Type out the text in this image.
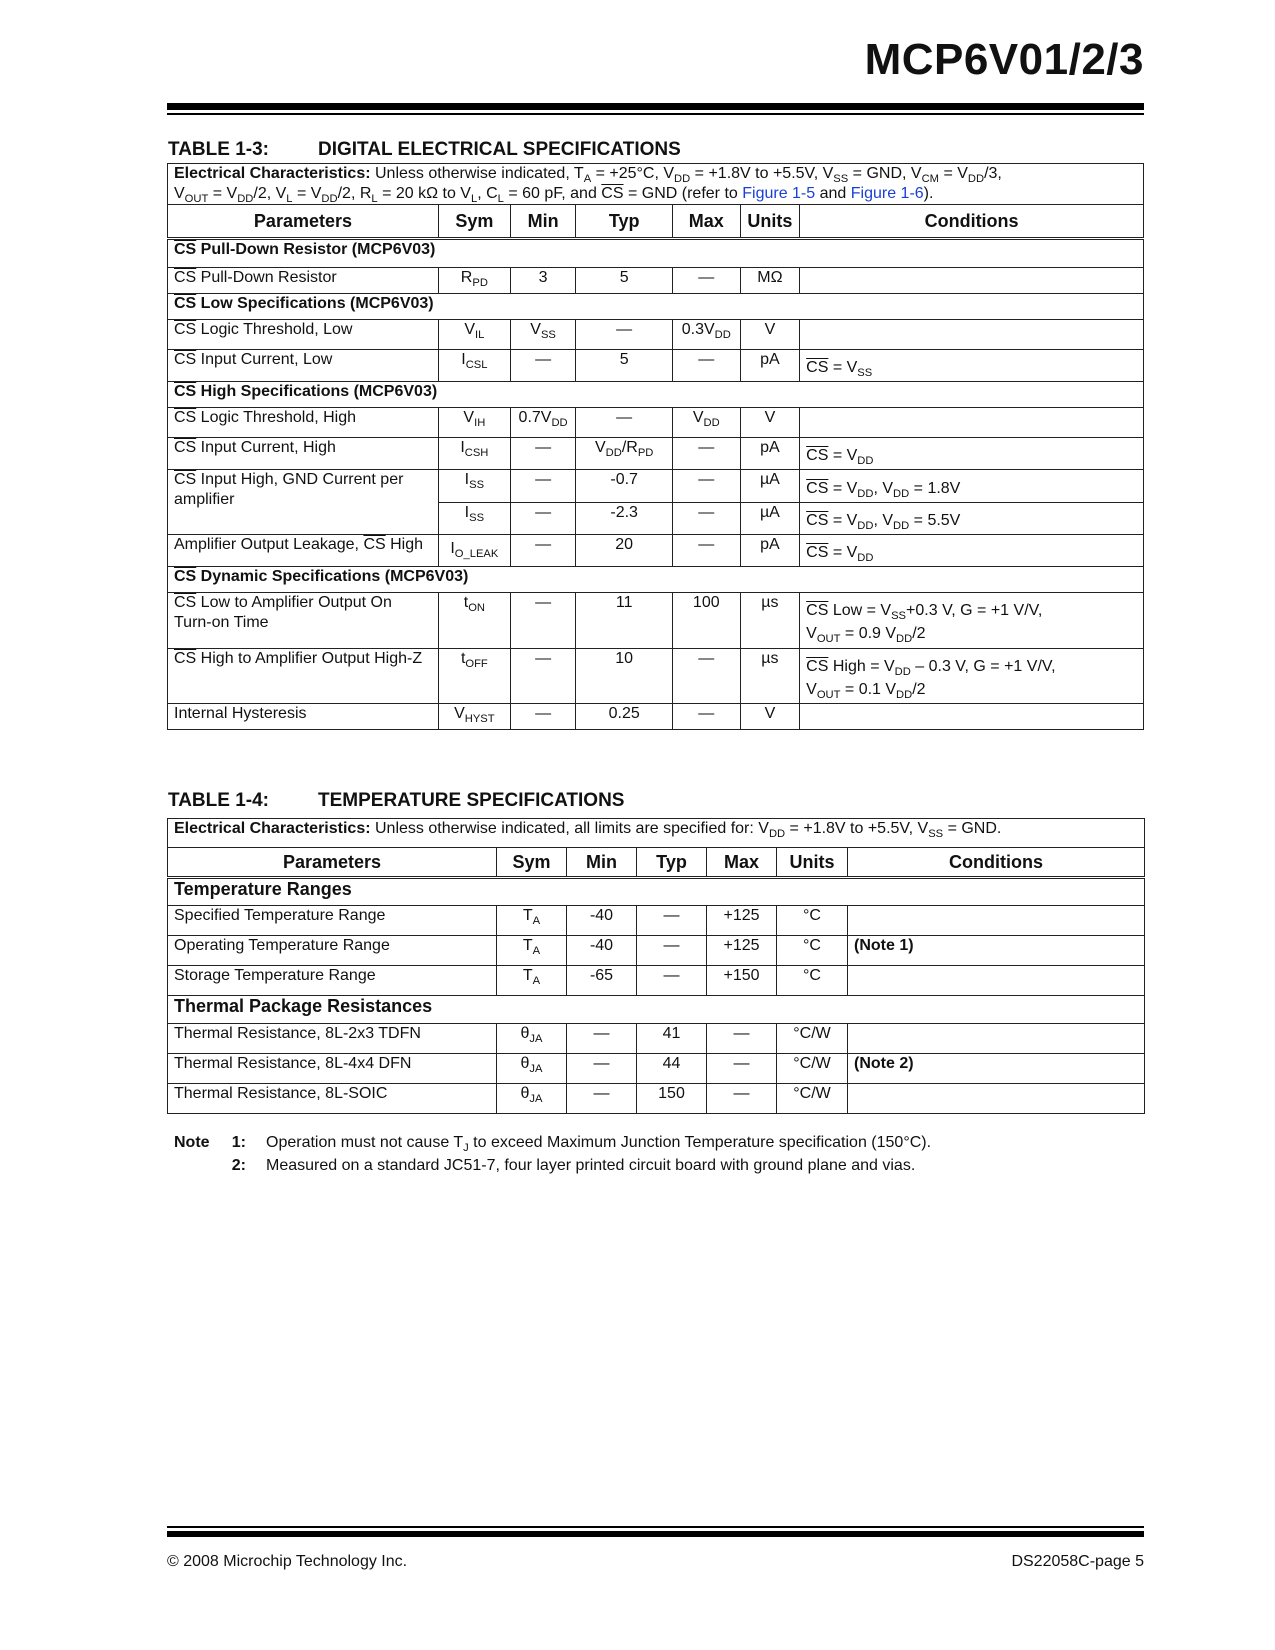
MCP6V01/2/3
TABLE 1-3:	DIGITAL ELECTRICAL SPECIFICATIONS
Electrical Characteristics: Unless otherwise indicated, $T_A = +25^\circ C$, $V_{DD} = +1.8V$ to +5.5V, $V_{SS}$ = GND, $V_{CM} = V_{DD}/3$,
$V_{OUT} = V_{DD}/2$, $V_L = V_{DD}/2$, $R_L = 20$ kΩ to $V_L$, $C_L = 60$ pF, and $\overline{CS}$ = GND (refer to Figure 1-5 and Figure 1-6).						
Parameters	Sym	Min	Typ	Max	Units	Conditions
$\overline{CS}$ Pull-Down Resistor (MCP6V03)						
$\overline{CS}$ Pull-Down Resistor	$R_{PD}$	3	5	—	MΩ	
$\overline{CS}$ Low Specifications (MCP6V03)						
$\overline{CS}$ Logic Threshold, Low	$V_{IL}$	$V_{SS}$	—	$0.3V_{DD}$	V	
$\overline{CS}$ Input Current, Low	$I_{CSL}$	—	5	—	pA	$\overline{CS} = V_{SS}$
$\overline{CS}$ High Specifications (MCP6V03)						
$\overline{CS}$ Logic Threshold, High	$V_{IH}$	$0.7V_{DD}$	—	$V_{DD}$	V	
$\overline{CS}$ Input Current, High	$I_{CSH}$	—	$V_{DD}/R_{PD}$	—	pA	$\overline{CS} = V_{DD}$
$\overline{CS}$ Input High, GND Current per amplifier	$I_{SS}$	—	-0.7	—	µA	$\overline{CS} = V_{DD}$, $V_{DD} = 1.8V$
	$I_{SS}$	—	-2.3	—	µA	$\overline{CS} = V_{DD}$, $V_{DD} = 5.5V$
Amplifier Output Leakage, $\overline{CS}$ High	$I_{O\_LEAK}$	—	20	—	pA	$\overline{CS} = V_{DD}$
$\overline{CS}$ Dynamic Specifications (MCP6V03)						
$\overline{CS}$ Low to Amplifier Output On Turn-on Time	$t_{ON}$	—	11	100	µs	$\overline{CS}$ Low = $V_{SS}+0.3$ V, G = +1 V/V,
$V_{OUT} = 0.9$ $V_{DD}/2$
$\overline{CS}$ High to Amplifier Output High-Z	$t_{OFF}$	—	10	—	µs	$\overline{CS}$ High = $V_{DD} - 0.3$ V, G = +1 V/V,
$V_{OUT} = 0.1$ $V_{DD}/2$
Internal Hysteresis	$V_{HYST}$	—	0.25	—	V	
TABLE 1-4:	TEMPERATURE SPECIFICATIONS
Electrical Characteristics: Unless otherwise indicated, all limits are specified for: $V_{DD} = +1.8V$ to +5.5V, $V_{SS}$ = GND.						
Parameters	Sym	Min	Typ	Max	Units	Conditions
Temperature Ranges						
Specified Temperature Range	$T_A$	-40	—	+125	°C	
Operating Temperature Range	$T_A$	-40	—	+125	°C	(Note 1)
Storage Temperature Range	$T_A$	-65	—	+150	°C	
Thermal Package Resistances						
Thermal Resistance, 8L-2x3 TDFN	$\theta_{JA}$	—	41	—	°C/W	
Thermal Resistance, 8L-4x4 DFN	$\theta_{JA}$	—	44	—	°C/W	(Note 2)
Thermal Resistance, 8L-SOIC	$\theta_{JA}$	—	150	—	°C/W	
Note	1: Operation must not cause $T_J$ to exceed Maximum Junction Temperature specification (150°C).
2: Measured on a standard JC51-7, four layer printed circuit board with ground plane and vias.
© 2008 Microchip Technology Inc.	DS22058C-page 5
